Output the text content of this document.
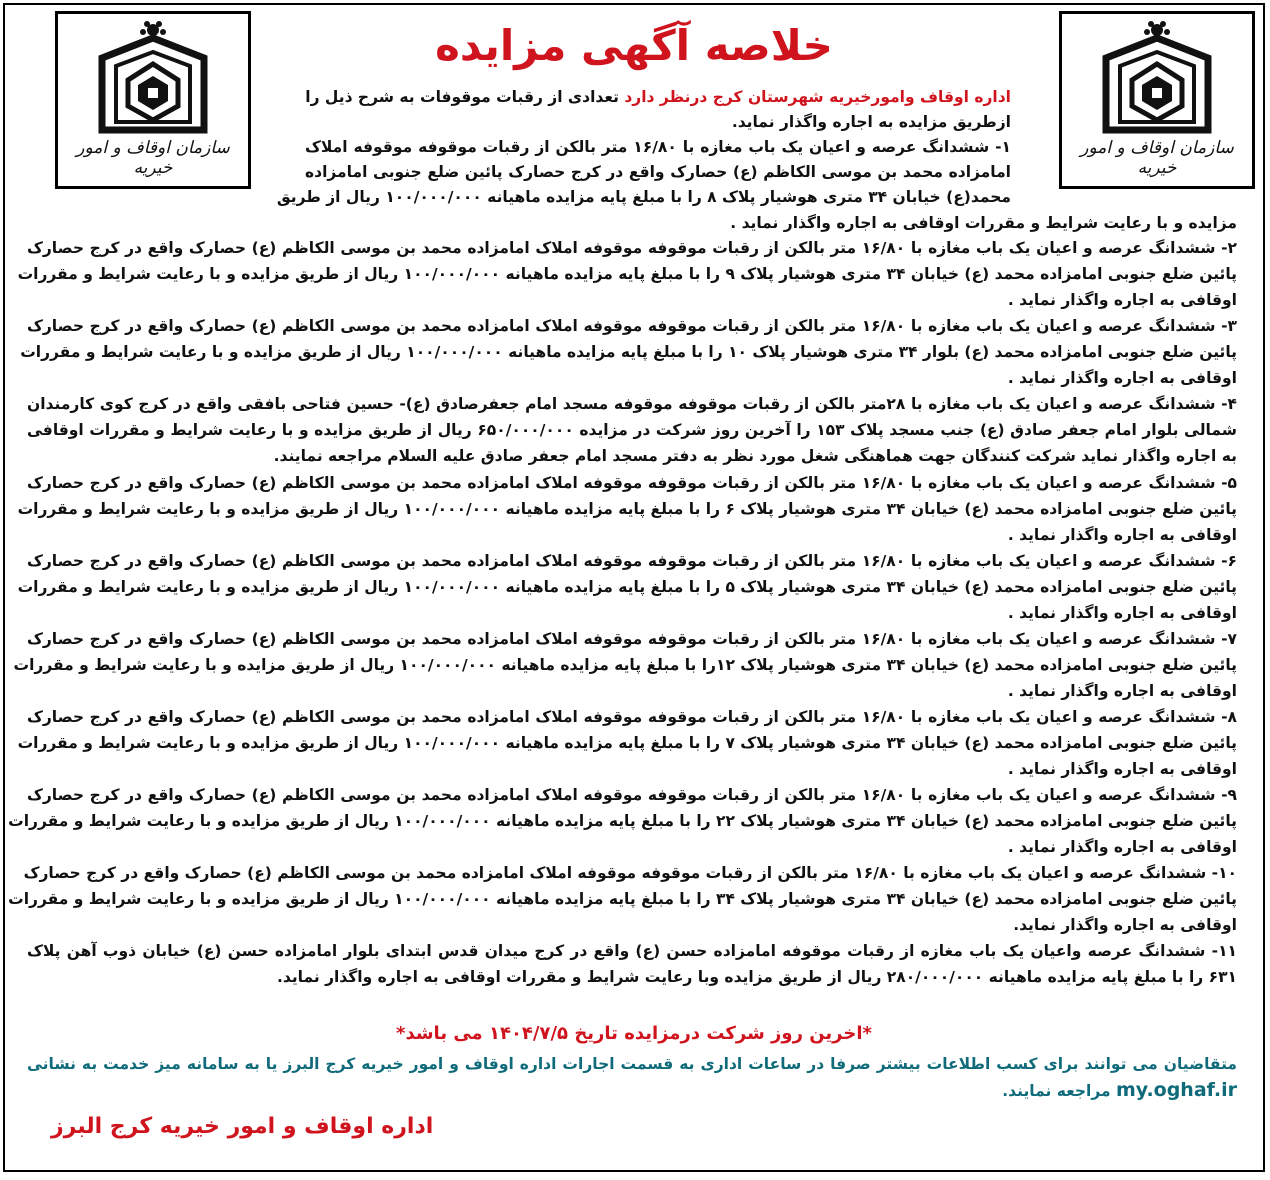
سازمان اوقاف و امور خیریه
سازمان اوقاف و امور خیریه
خلاصه آگهی مزایده
اداره اوقاف وامورخیریه شهرستان کرج درنظر دارد تعدادی از رقبات موقوفات به شرح ذیل را
ازطریق مزایده به اجاره واگذار نماید.
۱- ششدانگ عرصه و اعیان یک باب مغازه با ۱۶/۸۰ متر بالکن از رقبات موقوفه موقوفه املاک
امامزاده محمد بن موسی الکاظم (ع) حصارک واقع در کرج حصارک پائین ضلع جنوبی امامزاده
محمد(ع) خیابان ۳۴ متری هوشیار پلاک ۸ را با مبلغ پایه مزایده ماهیانه ۱۰۰/۰۰۰/۰۰۰ ریال از طریق
مزایده و با رعایت شرایط و مقررات اوقافی به اجاره واگذار نماید .
۲- ششدانگ عرصه و اعیان یک باب مغازه با ۱۶/۸۰ متر بالکن از رقبات موقوفه موقوفه املاک امامزاده محمد بن موسی الکاظم (ع) حصارک واقع در کرج حصارک
پائین ضلع جنوبی امامزاده محمد (ع) خیابان ۳۴ متری هوشیار پلاک ۹ را با مبلغ پایه مزایده ماهیانه ۱۰۰/۰۰۰/۰۰۰ ریال از طریق مزایده و با رعایت شرایط و مقررات
اوقافی به اجاره واگذار نماید .
۳- ششدانگ عرصه و اعیان یک باب مغازه با ۱۶/۸۰ متر بالکن از رقبات موقوفه موقوفه املاک امامزاده محمد بن موسی الکاظم (ع) حصارک واقع در کرج حصارک
پائین ضلع جنوبی امامزاده محمد (ع) بلوار ۳۴ متری هوشیار پلاک ۱۰ را با مبلغ پایه مزایده ماهیانه ۱۰۰/۰۰۰/۰۰۰ ریال از طریق مزایده و با رعایت شرایط و مقررات
اوقافی به اجاره واگذار نماید .
۴- ششدانگ عرصه و اعیان یک باب مغازه با ۲۸متر بالکن از رقبات موقوفه موقوفه مسجد امام جعفرصادق (ع)- حسین فتاحی بافقی واقع در کرج کوی کارمندان
شمالی بلوار امام جعفر صادق (ع) جنب مسجد پلاک ۱۵۳ را آخرین روز شرکت در مزایده ۶۵۰/۰۰۰/۰۰۰ ریال از طریق مزایده و با رعایت شرایط و مقررات اوقافی
به اجاره واگذار نماید شرکت کنندگان جهت هماهنگی شغل مورد نظر به دفتر مسجد امام جعفر صادق علیه السلام مراجعه نمایند.
۵- ششدانگ عرصه و اعیان یک باب مغازه با ۱۶/۸۰ متر بالکن از رقبات موقوفه موقوفه املاک امامزاده محمد بن موسی الکاظم (ع) حصارک واقع در کرج حصارک
پائین ضلع جنوبی امامزاده محمد (ع) خیابان ۳۴ متری هوشیار پلاک ۶ را با مبلغ پایه مزایده ماهیانه ۱۰۰/۰۰۰/۰۰۰ ریال از طریق مزایده و با رعایت شرایط و مقررات
اوقافی به اجاره واگذار نماید .
۶- ششدانگ عرصه و اعیان یک باب مغازه با ۱۶/۸۰ متر بالکن از رقبات موقوفه موقوفه املاک امامزاده محمد بن موسی الکاظم (ع) حصارک واقع در کرج حصارک
پائین ضلع جنوبی امامزاده محمد (ع) خیابان ۳۴ متری هوشیار پلاک ۵ را با مبلغ پایه مزایده ماهیانه ۱۰۰/۰۰۰/۰۰۰ ریال از طریق مزایده و با رعایت شرایط و مقررات
اوقافی به اجاره واگذار نماید .
۷- ششدانگ عرصه و اعیان یک باب مغازه با ۱۶/۸۰ متر بالکن از رقبات موقوفه موقوفه املاک امامزاده محمد بن موسی الکاظم (ع) حصارک واقع در کرج حصارک
پائین ضلع جنوبی امامزاده محمد (ع) خیابان ۳۴ متری هوشیار پلاک ۱۲را با مبلغ پایه مزایده ماهیانه ۱۰۰/۰۰۰/۰۰۰ ریال از طریق مزایده و با رعایت شرایط و مقررات
اوقافی به اجاره واگذار نماید .
۸- ششدانگ عرصه و اعیان یک باب مغازه با ۱۶/۸۰ متر بالکن از رقبات موقوفه موقوفه املاک امامزاده محمد بن موسی الکاظم (ع) حصارک واقع در کرج حصارک
پائین ضلع جنوبی امامزاده محمد (ع) خیابان ۳۴ متری هوشیار پلاک ۷ را با مبلغ پایه مزایده ماهیانه ۱۰۰/۰۰۰/۰۰۰ ریال از طریق مزایده و با رعایت شرایط و مقررات
اوقافی به اجاره واگذار نماید .
۹- ششدانگ عرصه و اعیان یک باب مغازه با ۱۶/۸۰ متر بالکن از رقبات موقوفه موقوفه املاک امامزاده محمد بن موسی الکاظم (ع) حصارک واقع در کرج حصارک
پائین ضلع جنوبی امامزاده محمد (ع) خیابان ۳۴ متری هوشیار پلاک ۲۲ را با مبلغ پایه مزایده ماهیانه ۱۰۰/۰۰۰/۰۰۰ ریال از طریق مزایده و با رعایت شرایط و مقررات
اوقافی به اجاره واگذار نماید .
۱۰- ششدانگ عرصه و اعیان یک باب مغازه با ۱۶/۸۰ متر بالکن از رقبات موقوفه موقوفه املاک امامزاده محمد بن موسی الکاظم (ع) حصارک واقع در کرج حصارک
پائین ضلع جنوبی امامزاده محمد (ع) خیابان ۳۴ متری هوشیار پلاک ۳۴ را با مبلغ پایه مزایده ماهیانه ۱۰۰/۰۰۰/۰۰۰ ریال از طریق مزایده و با رعایت شرایط و مقررات
اوقافی به اجاره واگذار نماید.
۱۱- ششدانگ عرصه واعیان یک باب مغازه از رقبات موقوفه امامزاده حسن (ع) واقع در کرج میدان قدس ابتدای بلوار امامزاده حسن (ع) خیابان ذوب آهن پلاک
۶۳۱ را با مبلغ پایه مزایده ماهیانه ۲۸۰/۰۰۰/۰۰۰ ریال از طریق مزایده وبا رعایت شرایط و مقررات اوقافی به اجاره واگذار نماید.

*اخرین روز شرکت درمزایده تاریخ ۱۴۰۴/۷/۵ می باشد*

متقاضیان می توانند برای کسب اطلاعات بیشتر صرفا در ساعات اداری به قسمت اجارات اداره اوقاف و امور خیریه کرج البرز یا به سامانه میز خدمت به نشانی
my.oghaf.ir مراجعه نمایند.
اداره اوقاف و امور خیریه کرج البرز
